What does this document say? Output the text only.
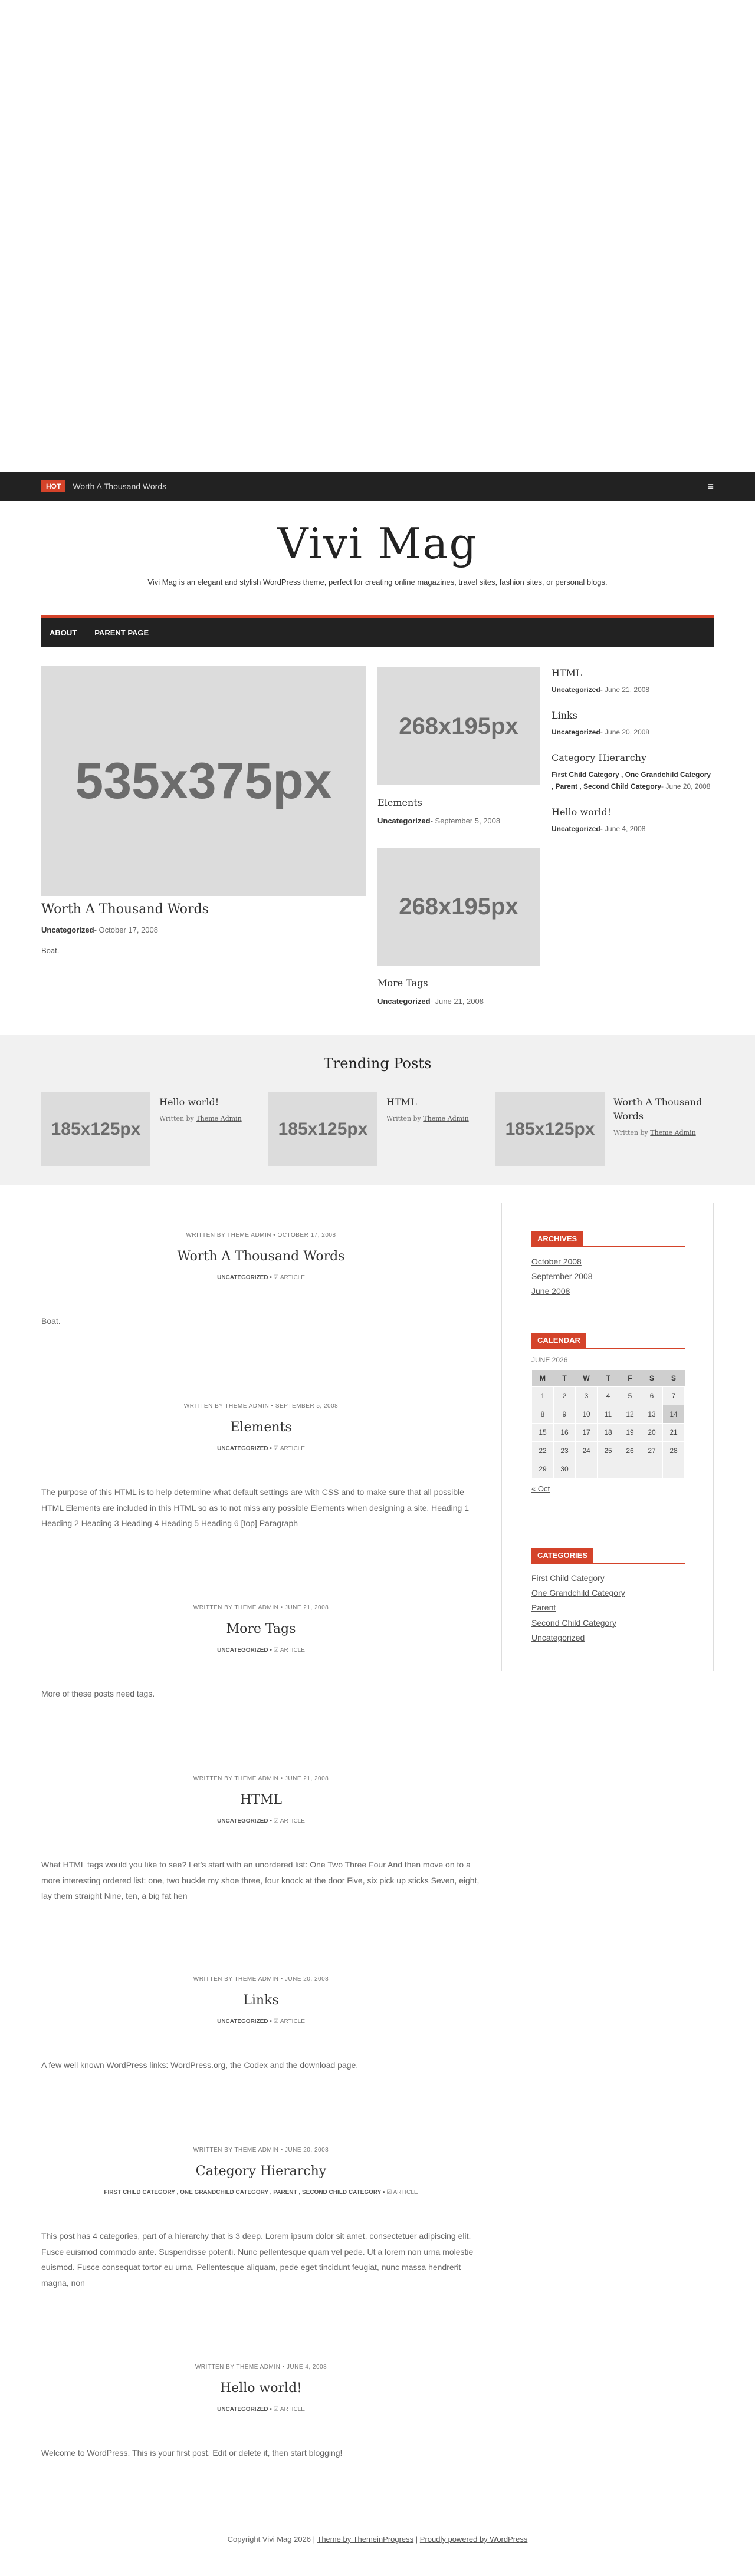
HOT	Worth A Thousand Words	≡
Vivi Mag
Vivi Mag is an elegant and stylish WordPress theme, perfect for creating online magazines, travel sites, fashion sites, or personal blogs.
ABOUT PARENT PAGE
535x375px
Worth A Thousand Words
Uncategorized- October 17, 2008
Boat.
268x195px
Elements
Uncategorized- September 5, 2008
268x195px
More Tags
Uncategorized- June 21, 2008
HTML
Uncategorized- June 21, 2008
Links
Uncategorized- June 20, 2008
Category Hierarchy
First Child Category , One Grandchild Category , Parent , Second Child Category- June 20, 2008
Hello world!
Uncategorized- June 4, 2008
Trending Posts
185x125px
Hello world!
Written by Theme Admin
185x125px
HTML
Written by Theme Admin
185x125px
Worth A Thousand Words
Written by Theme Admin
WRITTEN BY THEME ADMIN • OCTOBER 17, 2008
Worth A Thousand Words
UNCATEGORIZED • ☑ ARTICLE
Boat.
WRITTEN BY THEME ADMIN • SEPTEMBER 5, 2008
Elements
UNCATEGORIZED • ☑ ARTICLE
The purpose of this HTML is to help determine what default settings are with CSS and to make sure that all possible HTML Elements are included in this HTML so as to not miss any possible Elements when designing a site. Heading 1 Heading 2 Heading 3 Heading 4 Heading 5 Heading 6 [top] Paragraph
WRITTEN BY THEME ADMIN • JUNE 21, 2008
More Tags
UNCATEGORIZED • ☑ ARTICLE
More of these posts need tags.
WRITTEN BY THEME ADMIN • JUNE 21, 2008
HTML
UNCATEGORIZED • ☑ ARTICLE
What HTML tags would you like to see? Let’s start with an unordered list: One Two Three Four And then move on to a more interesting ordered list: one, two buckle my shoe three, four knock at the door Five, six pick up sticks Seven, eight, lay them straight Nine, ten, a big fat hen
WRITTEN BY THEME ADMIN • JUNE 20, 2008
Links
UNCATEGORIZED • ☑ ARTICLE
A few well known WordPress links: WordPress.org, the Codex and the download page.
WRITTEN BY THEME ADMIN • JUNE 20, 2008
Category Hierarchy
FIRST CHILD CATEGORY , ONE GRANDCHILD CATEGORY , PARENT , SECOND CHILD CATEGORY • ☑ ARTICLE
This post has 4 categories, part of a hierarchy that is 3 deep. Lorem ipsum dolor sit amet, consectetuer adipiscing elit. Fusce euismod commodo ante. Suspendisse potenti. Nunc pellentesque quam vel pede. Ut a lorem non urna molestie euismod. Fusce consequat tortor eu urna. Pellentesque aliquam, pede eget tincidunt feugiat, nunc massa hendrerit magna, non
WRITTEN BY THEME ADMIN • JUNE 4, 2008
Hello world!
UNCATEGORIZED • ☑ ARTICLE
Welcome to WordPress. This is your first post. Edit or delete it, then start blogging!
ARCHIVES
October 2008
September 2008
June 2008
CALENDAR
JUNE 2026
M	T	W	T	F	S	S
1	2	3	4	5	6	7
8	9	10	11	12	13	14
15	16	17	18	19	20	21
22	23	24	25	26	27	28
29	30					
« Oct
CATEGORIES
First Child Category
One Grandchild Category
Parent
Second Child Category
Uncategorized
Copyright Vivi Mag 2026 | Theme by ThemeinProgress | Proudly powered by WordPress
